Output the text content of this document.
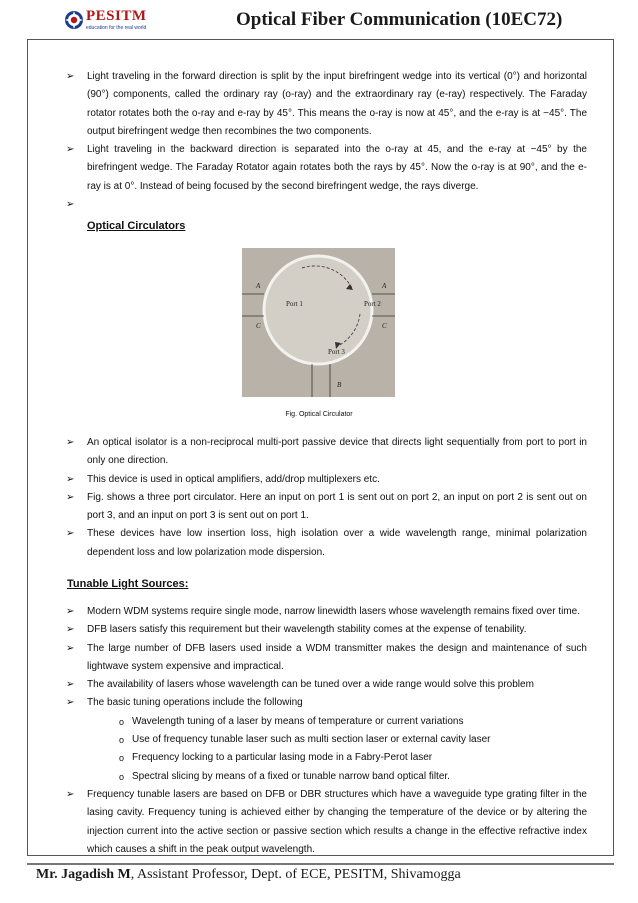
PESITM
education for the real world	Optical Fiber Communication (10EC72)
➢ Light traveling in the forward direction is split by the input birefringent wedge into its vertical (0°) and horizontal (90°) components, called the ordinary ray (o-ray) and the extraordinary ray (e-ray) respectively. The Faraday rotator rotates both the o-ray and e-ray by 45°. This means the o-ray is now at 45°, and the e-ray is at −45°. The output birefringent wedge then recombines the two components.
➢ Light traveling in the backward direction is separated into the o-ray at 45, and the e-ray at −45° by the birefringent wedge. The Faraday Rotator again rotates both the rays by 45°. Now the o-ray is at 90°, and the e-ray is at 0°. Instead of being focused by the second birefringent wedge, the rays diverge.
➢
Optical Circulators
Port 1	Port 2
Port 3
A	A
C	C
B
Fig. Optical Circulator
➢ An optical isolator is a non-reciprocal multi-port passive device that directs light sequentially from port to port in only one direction.
➢ This device is used in optical amplifiers, add/drop multiplexers etc.
➢ Fig. shows a three port circulator. Here an input on port 1 is sent out on port 2, an input on port 2 is sent out on port 3, and an input on port 3 is sent out on port 1.
➢ These devices have low insertion loss, high isolation over a wide wavelength range, minimal polarization dependent loss and low polarization mode dispersion.
Tunable Light Sources:
➢ Modern WDM systems require single mode, narrow linewidth lasers whose wavelength remains fixed over time.
➢ DFB lasers satisfy this requirement but their wavelength stability comes at the expense of tenability.
➢ The large number of DFB lasers used inside a WDM transmitter makes the design and maintenance of such lightwave system expensive and impractical.
➢ The availability of lasers whose wavelength can be tuned over a wide range would solve this problem
➢ The basic tuning operations include the following
o Wavelength tuning of a laser by means of temperature or current variations
o Use of frequency tunable laser such as multi section laser or external cavity laser
o Frequency locking to a particular lasing mode in a Fabry-Perot laser
o Spectral slicing by means of a fixed or tunable narrow band optical filter.
➢ Frequency tunable lasers are based on DFB or DBR structures which have a waveguide type grating filter in the lasing cavity. Frequency tuning is achieved either by changing the temperature of the device or by altering the injection current into the active section or passive section which results a change in the effective refractive index which causes a shift in the peak output wavelength.
Mr. Jagadish M, Assistant Professor, Dept. of ECE, PESITM, Shivamogga
